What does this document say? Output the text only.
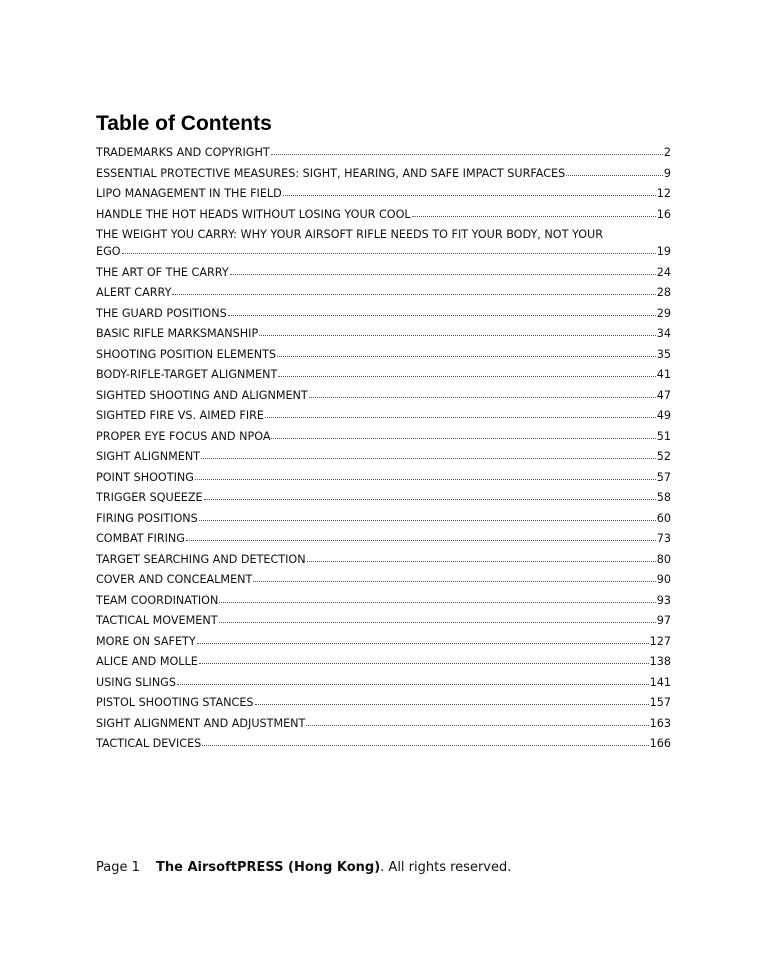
Table of Contents
TRADEMARKS AND COPYRIGHT	2
ESSENTIAL PROTECTIVE MEASURES: SIGHT, HEARING, AND SAFE IMPACT SURFACES	9
LIPO MANAGEMENT IN THE FIELD	12
HANDLE THE HOT HEADS WITHOUT LOSING YOUR COOL	16
THE WEIGHT YOU CARRY: WHY YOUR AIRSOFT RIFLE NEEDS TO FIT YOUR BODY, NOT YOUR
EGO	19
THE ART OF THE CARRY	24
ALERT CARRY	28
THE GUARD POSITIONS	29
BASIC RIFLE MARKSMANSHIP	34
SHOOTING POSITION ELEMENTS	35
BODY-RIFLE-TARGET ALIGNMENT	41
SIGHTED SHOOTING AND ALIGNMENT	47
SIGHTED FIRE VS. AIMED FIRE	49
PROPER EYE FOCUS AND NPOA	51
SIGHT ALIGNMENT	52
POINT SHOOTING	57
TRIGGER SQUEEZE	58
FIRING POSITIONS	60
COMBAT FIRING	73
TARGET SEARCHING AND DETECTION	80
COVER AND CONCEALMENT	90
TEAM COORDINATION	93
TACTICAL MOVEMENT	97
MORE ON SAFETY	127
ALICE AND MOLLE	138
USING SLINGS	141
PISTOL SHOOTING STANCES	157
SIGHT ALIGNMENT AND ADJUSTMENT	163
TACTICAL DEVICES	166
Page 1 The AirsoftPRESS (Hong Kong). All rights reserved.
